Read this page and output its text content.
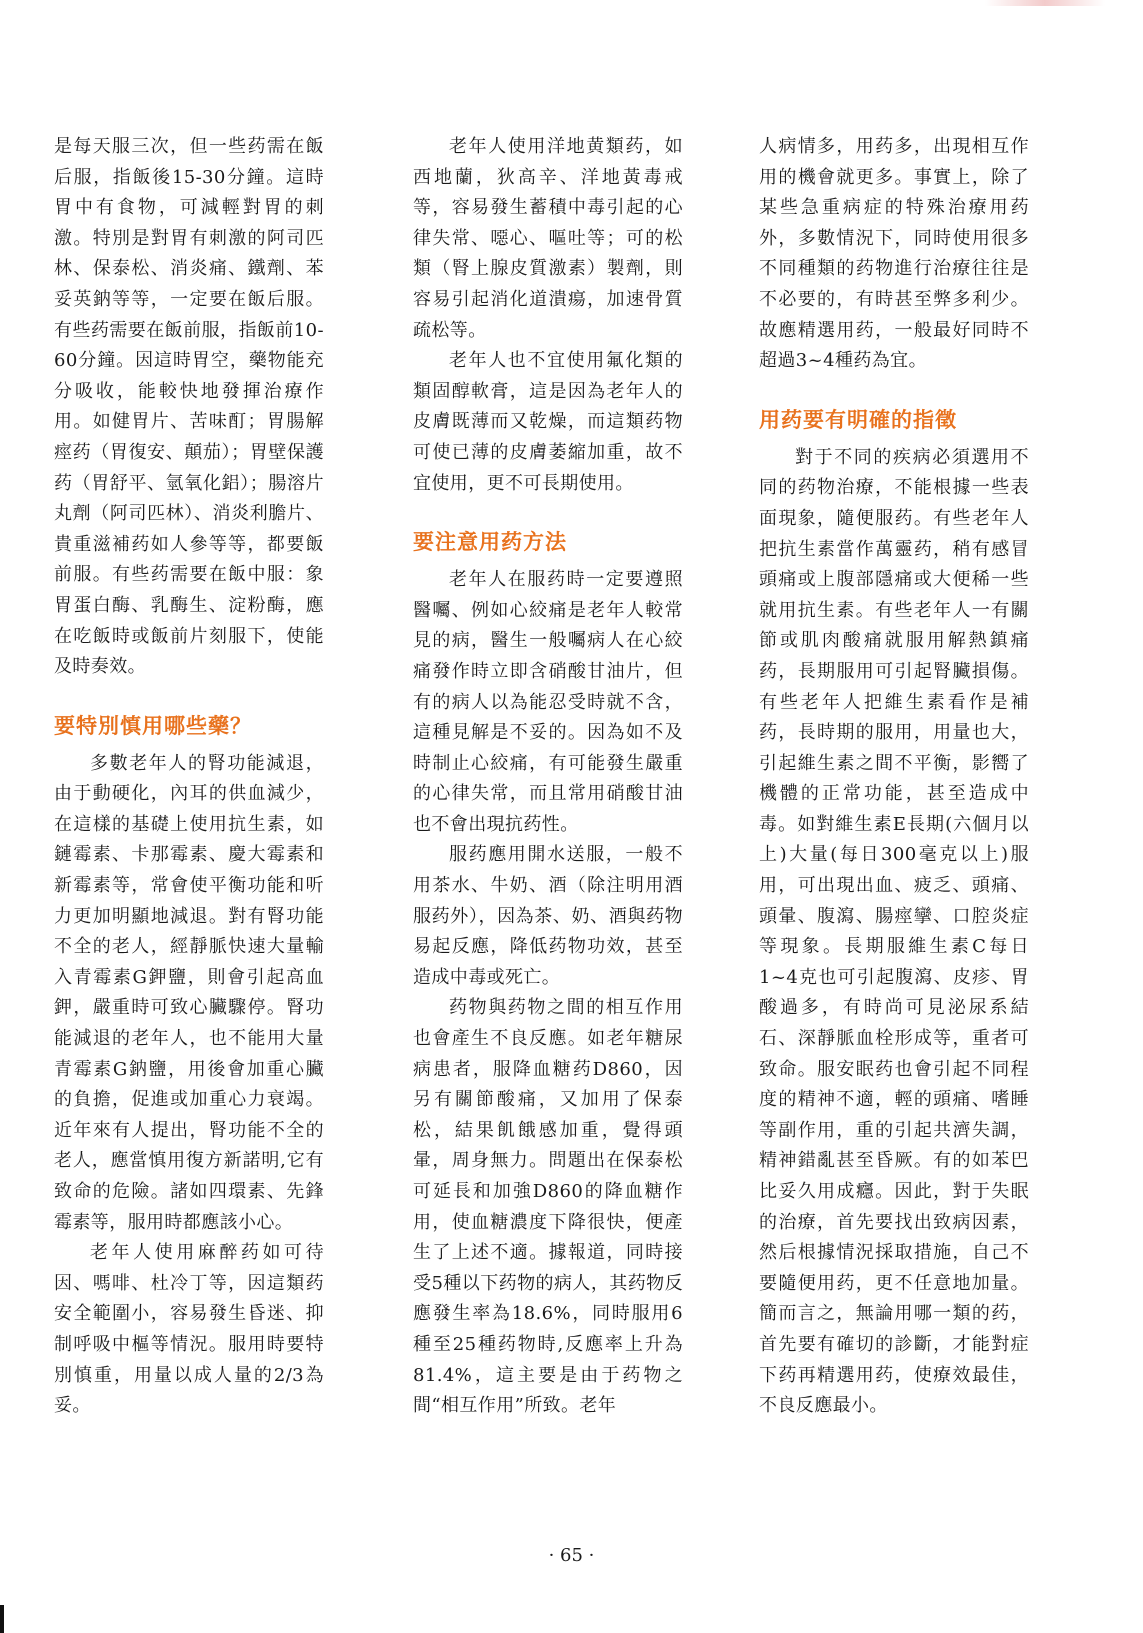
是每天服三次，但一些药需在飯后服，指飯後15-30分鐘。這時胃中有食物，可減輕對胃的刺激。特別是對胃有刺激的阿司匹林、保泰松、消炎痛、鐵劑、苯妥英鈉等等，一定要在飯后服。有些药需要在飯前服，指飯前10-60分鐘。因這時胃空，藥物能充分吸收，能較快地發揮治療作用。如健胃片、苦味酊；胃腸解痙药（胃復安、顛茄）；胃壁保護药（胃舒平、氫氧化鋁）；腸溶片丸劑（阿司匹林）、消炎利膽片、貴重滋補药如人參等等，都要飯前服。有些药需要在飯中服：象胃蛋白酶、乳酶生、淀粉酶，應在吃飯時或飯前片刻服下，使能及時奏效。

要特別慎用哪些藥？

多數老年人的腎功能減退，由于動硬化，內耳的供血減少，在這樣的基礎上使用抗生素，如鏈霉素、卡那霉素、慶大霉素和新霉素等，常會使平衡功能和听力更加明顯地減退。對有腎功能不全的老人，經靜脈快速大量輸入青霉素G鉀鹽，則會引起高血鉀，嚴重時可致心臟驟停。腎功能減退的老年人，也不能用大量青霉素G鈉鹽，用後會加重心臟的負擔，促進或加重心力衰竭。近年來有人提出，腎功能不全的老人，應當慎用復方新諾明,它有致命的危險。諸如四環素、先鋒霉素等，服用時都應該小心。

老年人使用麻醉药如可待因、嗎啡、杜冷丁等，因這類药安全範圍小，容易發生昏迷、抑制呼吸中樞等情況。服用時要特別慎重，用量以成人量的2/3為妥。

老年人使用洋地黄類药，如西地蘭，狄高辛、洋地黃毒戒等，容易發生蓄積中毒引起的心律失常、噁心、嘔吐等；可的松類（腎上腺皮質激素）製劑，則容易引起消化道潰瘍，加速骨質疏松等。

老年人也不宜使用氟化類的類固醇軟膏，這是因為老年人的皮膚既薄而又乾燥，而這類药物可使已薄的皮膚萎縮加重，故不宜使用，更不可長期使用。

要注意用药方法

老年人在服药時一定要遵照醫囑、例如心絞痛是老年人較常見的病，醫生一般囑病人在心絞痛發作時立即含硝酸甘油片，但有的病人以為能忍受時就不含，這種見解是不妥的。因為如不及時制止心絞痛，有可能發生嚴重的心律失常，而且常用硝酸甘油也不會出現抗药性。

服药應用開水送服，一般不用茶水、牛奶、酒（除注明用酒服药外），因為茶、奶、酒與药物易起反應，降低药物功效，甚至造成中毒或死亡。

药物與药物之間的相互作用也會產生不良反應。如老年糖尿病患者，服降血糖药D860，因另有關節酸痛，又加用了保泰松，結果飢餓感加重，覺得頭暈，周身無力。問題出在保泰松可延長和加強D860的降血糖作用，使血糖濃度下降很快，便產生了上述不適。據報道，同時接受5種以下药物的病人，其药物反應發生率為18.6%，同時服用6種至25種药物時,反應率上升為81.4%，這主要是由于药物之間“相互作用”所致。老年

人病情多，用药多，出現相互作用的機會就更多。事實上，除了某些急重病症的特殊治療用药外，多數情況下，同時使用很多不同種類的药物進行治療往往是不必要的，有時甚至弊多利少。故應精選用药，一般最好同時不超過3~4種药為宜。

用药要有明確的指徵

對于不同的疾病必須選用不同的药物治療，不能根據一些表面現象，隨便服药。有些老年人把抗生素當作萬靈药，稍有感冒頭痛或上腹部隱痛或大便稀一些就用抗生素。有些老年人一有關節或肌肉酸痛就服用解熱鎮痛药，長期服用可引起腎臟損傷。有些老年人把維生素看作是補药，長時期的服用，用量也大，引起維生素之間不平衡，影嚮了機體的正常功能，甚至造成中毒。如對維生素E長期(六個月以上)大量(每日300毫克以上)服用，可出現出血、疲乏、頭痛、頭暈、腹瀉、腸痙攣、口腔炎症等現象。長期服維生素C每日1~4克也可引起腹瀉、皮疹、胃酸過多，有時尚可見泌尿系結石、深靜脈血栓形成等，重者可致命。服安眠药也會引起不同程度的精神不適，輕的頭痛、嗜睡等副作用，重的引起共濟失調，精神錯亂甚至昏厥。有的如苯巴比妥久用成癮。因此，對于失眠的治療，首先要找出致病因素，然后根據情況採取措施，自己不要隨便用药，更不任意地加量。簡而言之，無論用哪一類的药，首先要有確切的診斷，才能對症下药再精選用药，使療效最佳，不良反應最小。

· 65 ·
